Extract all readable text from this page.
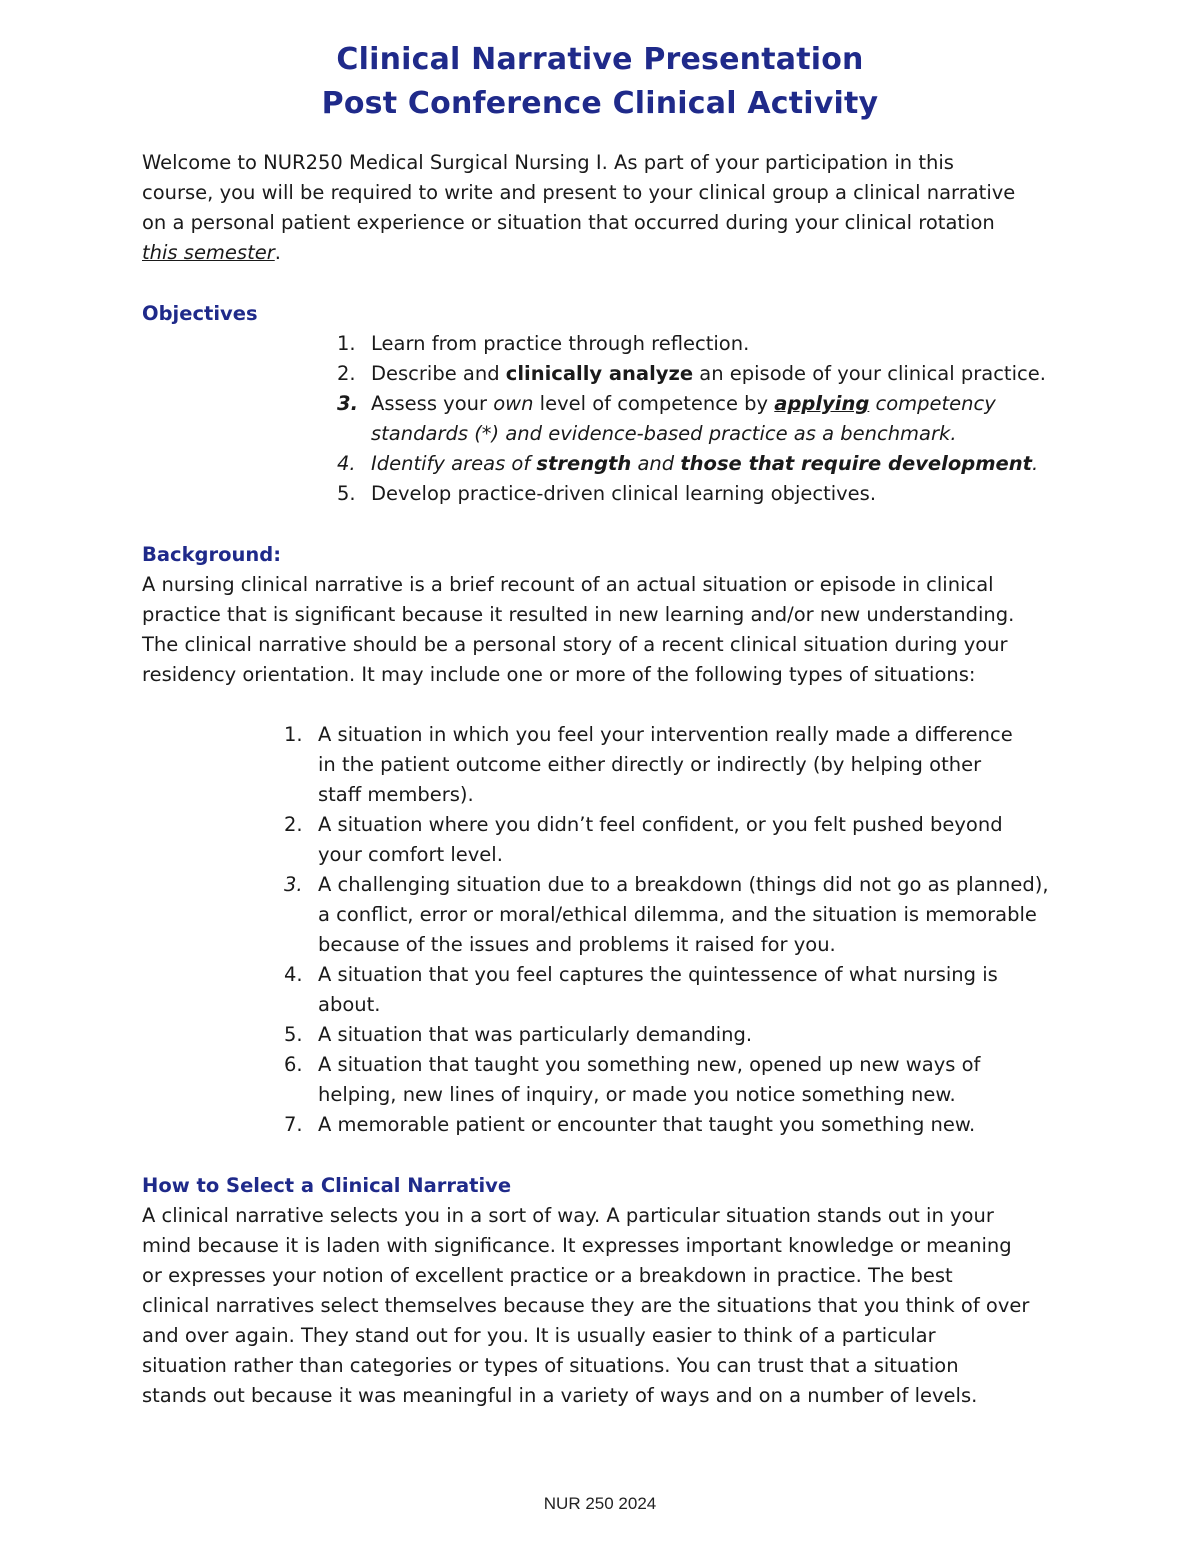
Clinical Narrative Presentation
Post Conference Clinical Activity
Welcome to NUR250 Medical Surgical Nursing I. As part of your participation in this
course, you will be required to write and present to your clinical group a clinical narrative
on a personal patient experience or situation that occurred during your clinical rotation
this semester.
Objectives
1. Learn from practice through reflection.
2. Describe and clinically analyze an episode of your clinical practice.
3. Assess your own level of competence by applying competency
standards (*) and evidence-based practice as a benchmark.
4. Identify areas of strength and those that require development.
5. Develop practice-driven clinical learning objectives.
Background:
A nursing clinical narrative is a brief recount of an actual situation or episode in clinical
practice that is significant because it resulted in new learning and/or new understanding.
The clinical narrative should be a personal story of a recent clinical situation during your
residency orientation. It may include one or more of the following types of situations:
1. A situation in which you feel your intervention really made a difference
in the patient outcome either directly or indirectly (by helping other
staff members).
2. A situation where you didn’t feel confident, or you felt pushed beyond
your comfort level.
3. A challenging situation due to a breakdown (things did not go as planned),
a conflict, error or moral/ethical dilemma, and the situation is memorable
because of the issues and problems it raised for you.
4. A situation that you feel captures the quintessence of what nursing is
about.
5. A situation that was particularly demanding.
6. A situation that taught you something new, opened up new ways of
helping, new lines of inquiry, or made you notice something new.
7. A memorable patient or encounter that taught you something new.
How to Select a Clinical Narrative
A clinical narrative selects you in a sort of way. A particular situation stands out in your
mind because it is laden with significance. It expresses important knowledge or meaning
or expresses your notion of excellent practice or a breakdown in practice. The best
clinical narratives select themselves because they are the situations that you think of over
and over again. They stand out for you. It is usually easier to think of a particular
situation rather than categories or types of situations. You can trust that a situation
stands out because it was meaningful in a variety of ways and on a number of levels.
NUR 250 2024
